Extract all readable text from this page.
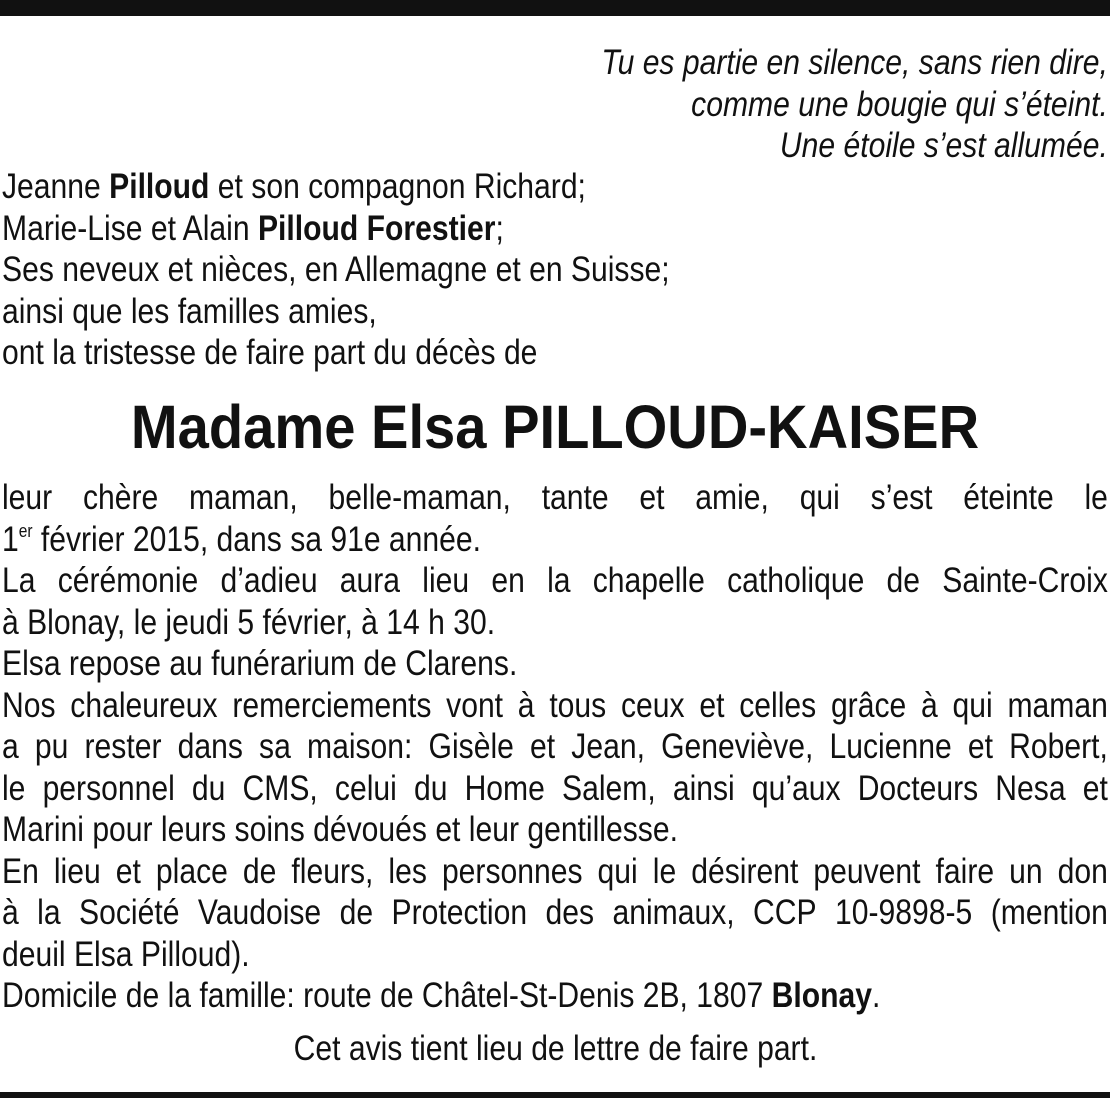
Tu es partie en silence, sans rien dire,
comme une bougie qui s’éteint.
Une étoile s’est allumée.
Jeanne Pilloud et son compagnon Richard;
Marie-Lise et Alain Pilloud Forestier;
Ses neveux et nièces, en Allemagne et en Suisse;
ainsi que les familles amies,
ont la tristesse de faire part du décès de
Madame Elsa PILLOUD-KAISER
leur chère maman, belle-maman, tante et amie, qui s’est éteinte le
1er février 2015, dans sa 91e année.
La cérémonie d’adieu aura lieu en la chapelle catholique de Sainte-Croix
à Blonay, le jeudi 5 février, à 14 h 30.
Elsa repose au funérarium de Clarens.
Nos chaleureux remerciements vont à tous ceux et celles grâce à qui maman
a pu rester dans sa maison: Gisèle et Jean, Geneviève, Lucienne et Robert,
le personnel du CMS, celui du Home Salem, ainsi qu’aux Docteurs Nesa et
Marini pour leurs soins dévoués et leur gentillesse.
En lieu et place de fleurs, les personnes qui le désirent peuvent faire un don
à la Société Vaudoise de Protection des animaux, CCP 10-9898-5 (mention
deuil Elsa Pilloud).
Domicile de la famille: route de Châtel-St-Denis 2B, 1807 Blonay.
Cet avis tient lieu de lettre de faire part.
